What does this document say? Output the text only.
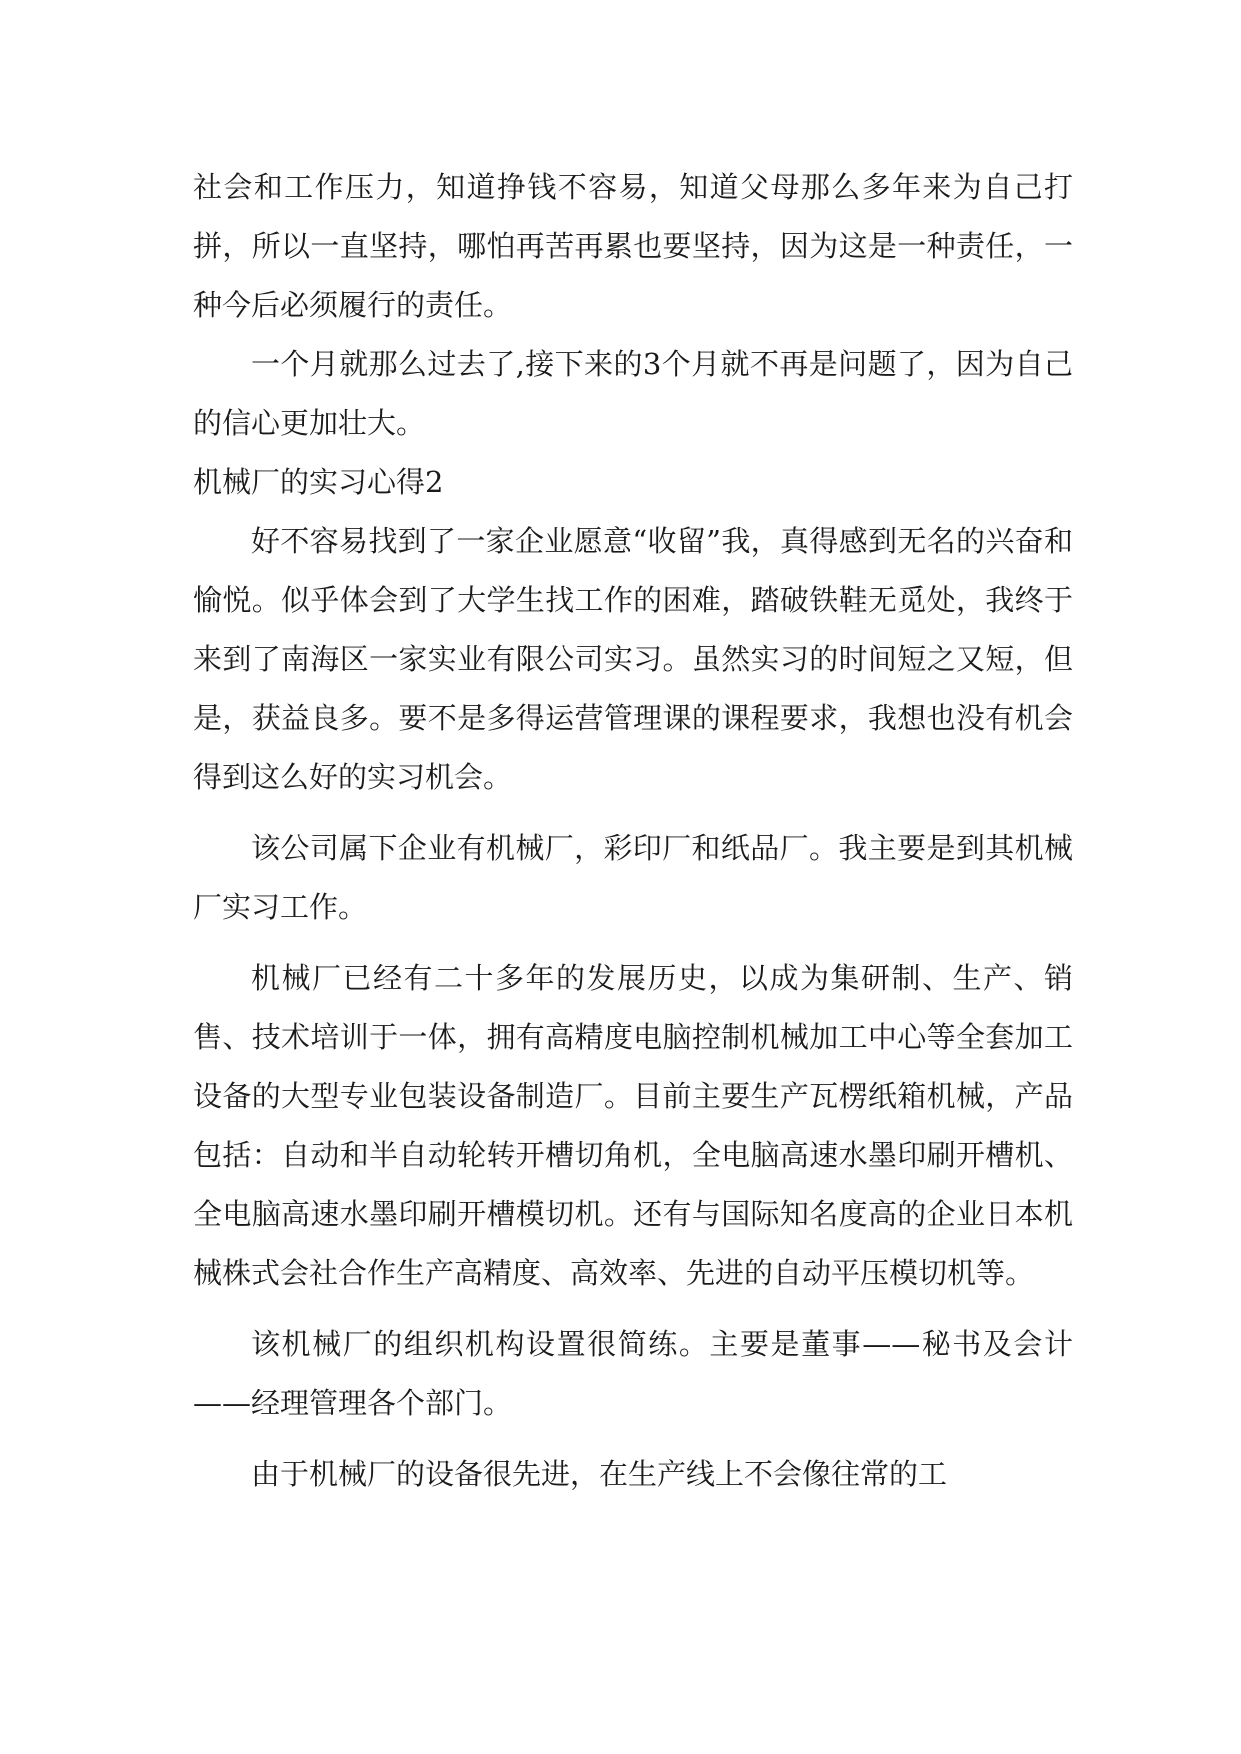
社会和工作压力，知道挣钱不容易，知道父母那么多年来为自己打拼，所以一直坚持，哪怕再苦再累也要坚持，因为这是一种责任，一种今后必须履行的责任。

一个月就那么过去了,接下来的3个月就不再是问题了，因为自己的信心更加壮大。

机械厂的实习心得2

好不容易找到了一家企业愿意“收留”我，真得感到无名的兴奋和愉悦。似乎体会到了大学生找工作的困难，踏破铁鞋无觅处，我终于来到了南海区一家实业有限公司实习。虽然实习的时间短之又短，但是，获益良多。要不是多得运营管理课的课程要求，我想也没有机会得到这么好的实习机会。

该公司属下企业有机械厂，彩印厂和纸品厂。我主要是到其机械厂实习工作。

机械厂已经有二十多年的发展历史，以成为集研制、生产、销售、技术培训于一体，拥有高精度电脑控制机械加工中心等全套加工设备的大型专业包装设备制造厂。目前主要生产瓦楞纸箱机械，产品包括：自动和半自动轮转开槽切角机，全电脑高速水墨印刷开槽机、全电脑高速水墨印刷开槽模切机。还有与国际知名度高的企业日本机械株式会社合作生产高精度、高效率、先进的自动平压模切机等。

该机械厂的组织机构设置很简练。主要是董事——秘书及会计——经理管理各个部门。

由于机械厂的设备很先进，在生产线上不会像往常的工
